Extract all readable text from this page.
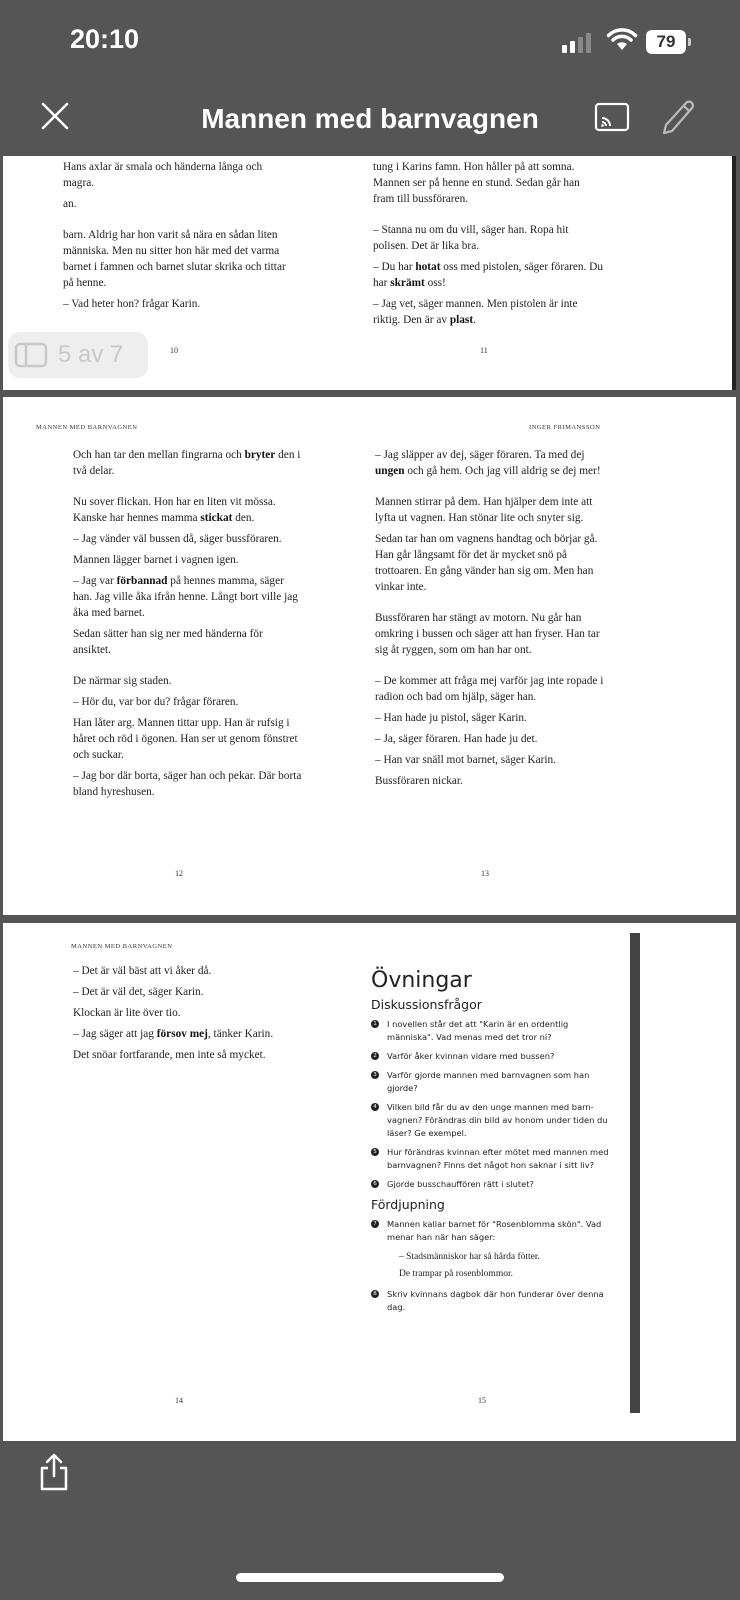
20:10	79
Mannen med barnvagnen

Hans axlar är smala och händerna långa och magra.

an.

barn. Aldrig har hon varit så nära en sådan liten människa. Men nu sitter hon här med det varma barnet i famnen och barnet slutar skrika och tittar på henne.

– Vad heter hon? frågar Karin.

10

tung i Karins famn. Hon håller på att somna. Mannen ser på henne en stund. Sedan går han fram till bussföraren.

– Stanna nu om du vill, säger han. Ropa hit polisen. Det är lika bra.

– Du har hotat oss med pistolen, säger föraren. Du har skrämt oss!

– Jag vet, säger mannen. Men pistolen är inte riktig. Den är av plast.

11
5 av 7
MANNEN MED BARNVAGNEN

Och han tar den mellan fingrarna och bryter den i två delar.

Nu sover flickan. Hon har en liten vit mössa. Kanske har hennes mamma stickat den.

– Jag vänder väl bussen då, säger bussföraren.

Mannen lägger barnet i vagnen igen.

– Jag var förbannad på hennes mamma, säger han. Jag ville åka ifrån henne. Långt bort ville jag åka med barnet.

Sedan sätter han sig ner med händerna för ansiktet.

De närmar sig staden.

– Hör du, var bor du? frågar föraren.

Han låter arg. Mannen tittar upp. Han är rufsig i håret och röd i ögonen. Han ser ut genom fönstret och suckar.

– Jag bor där borta, säger han och pekar. Där borta bland hyreshusen.

12
INGER FRIMANSSON

– Jag släpper av dej, säger föraren. Ta med dej ungen och gå hem. Och jag vill aldrig se dej mer!

Mannen stirrar på dem. Han hjälper dem inte att lyfta ut vagnen. Han stönar lite och snyter sig.

Sedan tar han om vagnens handtag och börjar gå. Han går långsamt för det är mycket snö på trottoaren. En gång vänder han sig om. Men han vinkar inte.

Bussföraren har stängt av motorn. Nu går han omkring i bussen och säger att han fryser. Han tar sig åt ryggen, som om han har ont.

– De kommer att fråga mej varför jag inte ropade i radion och bad om hjälp, säger han.

– Han hade ju pistol, säger Karin.

– Ja, säger föraren. Han hade ju det.

– Han var snäll mot barnet, säger Karin.

Bussföraren nickar.

13
MANNEN MED BARNVAGNEN

– Det är väl bäst att vi åker då.

– Det är väl det, säger Karin.

Klockan är lite över tio.

– Jag säger att jag försov mej, tänker Karin.

Det snöar fortfarande, men inte så mycket.

14
Övningar
Diskussionsfrågor
1 I novellen står det att "Karin är en ordentlig människa". Vad menas med det tror ni?
2 Varför åker kvinnan vidare med bussen?
3 Varför gjorde mannen med barnvagnen som han gjorde?
4 Vilken bild får du av den unge mannen med barn-vagnen? Förändras din bild av honom under tiden du läser? Ge exempel.
5 Hur förändras kvinnan efter mötet med mannen med barnvagnen? Finns det något hon saknar i sitt liv?
6 Gjorde busschauffören rätt i slutet?
Fördjupning
7 Mannen kallar barnet för "Rosenblomma skön". Vad menar han när han säger:
– Stadsmänniskor har så hårda fötter.
De trampar på rosenblommor.
8 Skriv kvinnans dagbok där hon funderar över denna dag.
15
